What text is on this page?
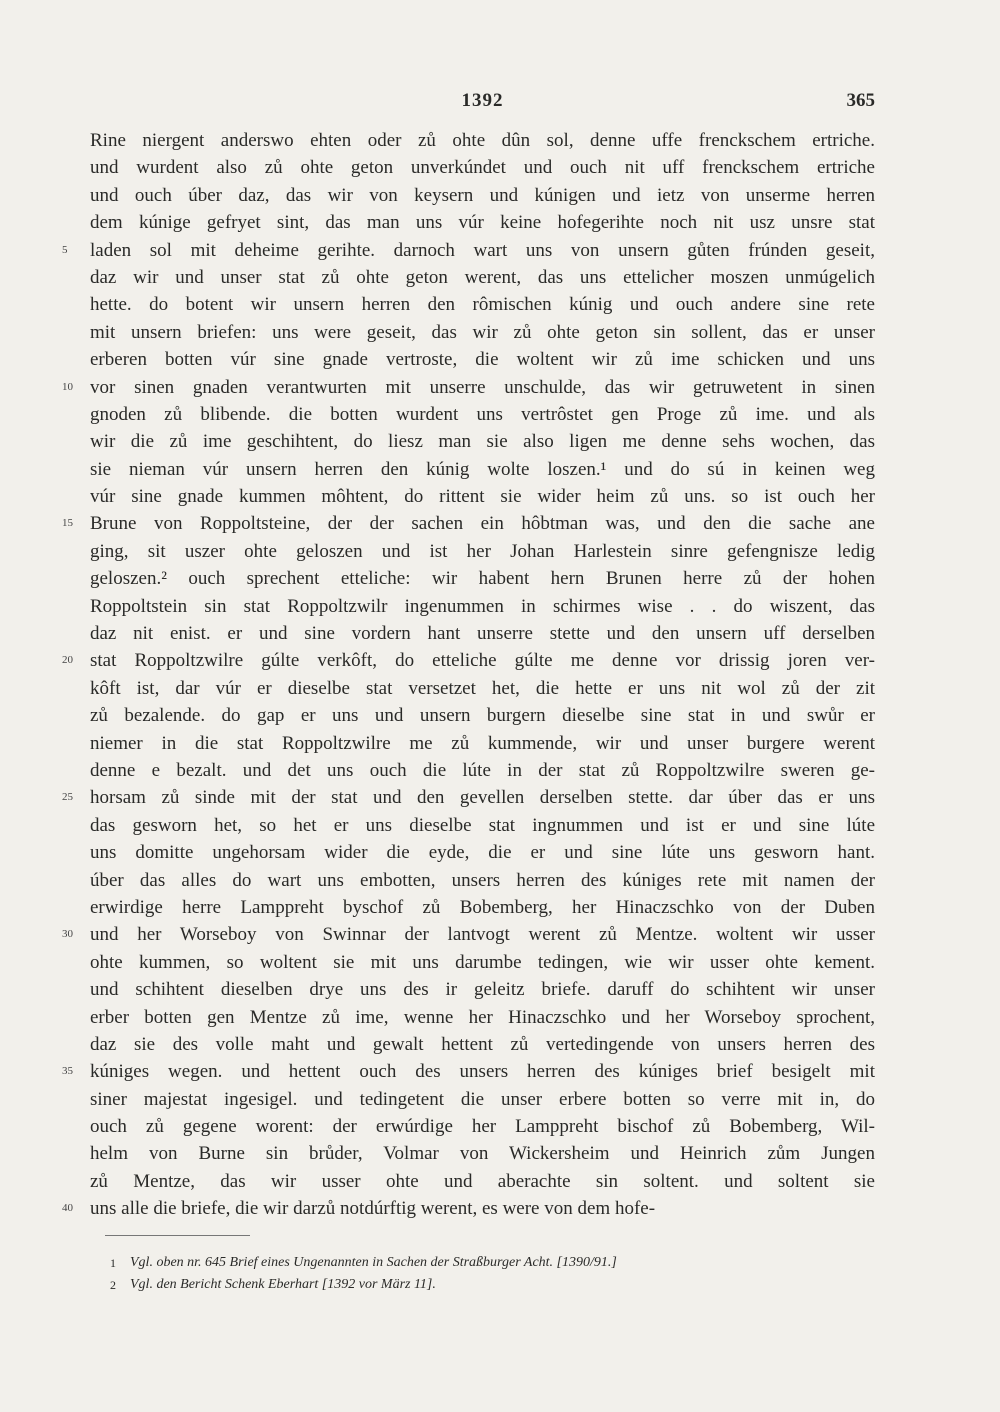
1392	365
Rine niergent anderswo ehten oder zů ohte dûn sol, denne uffe frenckschem ertriche.
und wurdent also zů ohte geton unverkúndet und ouch nit uff frenckschem ertriche
und ouch úber daz, das wir von keysern und kúnigen und ietz von unserme herren
dem kúnige gefryet sint, das man uns vúr keine hofegerihte noch nit usz unsre stat
5	laden sol mit deheime gerihte. darnoch wart uns von unsern gůten frúnden geseit,
daz wir und unser stat zů ohte geton werent, das uns ettelicher moszen unmúgelich
hette. do botent wir unsern herren den rômischen kúnig und ouch andere sine rete
mit unsern briefen: uns were geseit, das wir zů ohte geton sin sollent, das er unser
erberen botten vúr sine gnade vertroste, die woltent wir zů ime schicken und uns
10 vor sinen gnaden verantwurten mit unserre unschulde, das wir getruwetent in sinen
gnoden zů blibende. die botten wurdent uns vertrôstet gen Proge zů ime. und als
wir die zů ime geschihtent, do liesz man sie also ligen me denne sehs wochen, das
sie nieman vúr unsern herren den kúnig wolte loszen.¹ und do sú in keinen weg
vúr sine gnade kummen môhtent, do rittent sie wider heim zů uns. so ist ouch her
15 Brune von Roppoltsteine, der der sachen ein hôbtman was, und den die sache ane
ging, sit uszer ohte geloszen und ist her Johan Harlestein sinre gefengnisze ledig
geloszen.² ouch sprechent etteliche: wir habent hern Brunen herre zů der hohen
Roppoltstein sin stat Roppoltzwilr ingenummen in schirmes wise . . do wiszent, das
daz nit enist. er und sine vordern hant unserre stette und den unsern uff derselben
20 stat Roppoltzwilre gúlte verkôft, do etteliche gúlte me denne vor drissig joren ver-
kôft ist, dar vúr er dieselbe stat versetzet het, die hette er uns nit wol zů der zit
zů bezalende. do gap er uns und unsern burgern dieselbe sine stat in und swůr er
niemer in die stat Roppoltzwilre me zů kummende, wir und unser burgere werent
denne e bezalt. und det uns ouch die lúte in der stat zů Roppoltzwilre sweren ge-
25 horsam zů sinde mit der stat und den gevellen derselben stette. dar úber das er uns
das gesworn het, so het er uns dieselbe stat ingnummen und ist er und sine lúte
uns domitte ungehorsam wider die eyde, die er und sine lúte uns gesworn hant.
úber das alles do wart uns embotten, unsers herren des kúniges rete mit namen der
erwirdige herre Lamppreht byschof zů Bobemberg, her Hinaczschko von der Duben
30 und her Worseboy von Swinnar der lantvogt werent zů Mentze. woltent wir usser
ohte kummen, so woltent sie mit uns darumbe tedingen, wie wir usser ohte kement.
und schihtent dieselben drye uns des ir geleitz briefe. daruff do schihtent wir unser
erber botten gen Mentze zů ime, wenne her Hinaczschko und her Worseboy sprochent,
daz sie des volle maht und gewalt hettent zů vertedingende von unsers herren des
35 kúniges wegen. und hettent ouch des unsers herren des kúniges brief besigelt mit
siner majestat ingesigel. und tedingetent die unser erbere botten so verre mit in, do
ouch zů gegene worent: der erwúrdige her Lamppreht bischof zů Bobemberg, Wil-
helm von Burne sin brůder, Volmar von Wickersheim und Heinrich zům Jungen
zů Mentze, das wir usser ohte und aberachte sin soltent. und soltent sie
40 uns alle die briefe, die wir darzů notdúrftig werent, es were von dem hofe-
1 Vgl. oben nr. 645 Brief eines Ungenannten in Sachen der Straßburger Acht. [1390/91.]
2 Vgl. den Bericht Schenk Eberhart [1392 vor März 11].
